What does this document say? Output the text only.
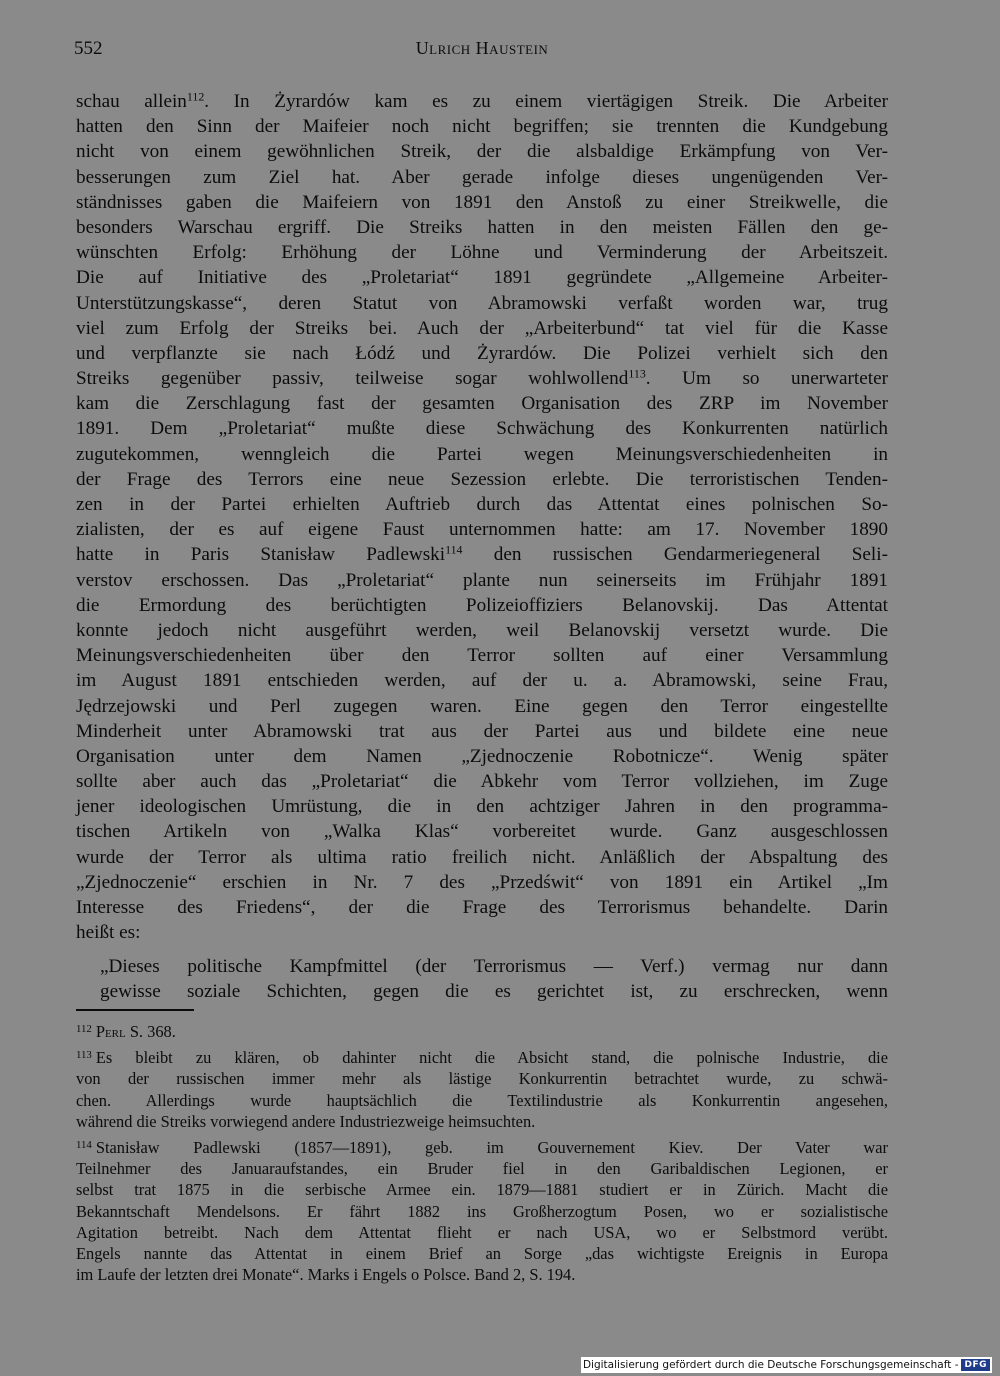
552	Ulrich Haustein
schau allein$^{112}$. In Żyrardów kam es zu einem viertägigen Streik. Die Arbeiter
hatten den Sinn der Maifeier noch nicht begriffen; sie trennten die Kundgebung
nicht von einem gewöhnlichen Streik, der die alsbaldige Erkämpfung von Ver-
besserungen zum Ziel hat. Aber gerade infolge dieses ungenügenden Ver-
ständnisses gaben die Maifeiern von 1891 den Anstoß zu einer Streikwelle, die
besonders Warschau ergriff. Die Streiks hatten in den meisten Fällen den ge-
wünschten Erfolg: Erhöhung der Löhne und Verminderung der Arbeitszeit.
Die auf Initiative des „Proletariat“ 1891 gegründete „Allgemeine Arbeiter-
Unterstützungskasse“, deren Statut von Abramowski verfaßt worden war, trug
viel zum Erfolg der Streiks bei. Auch der „Arbeiterbund“ tat viel für die Kasse
und verpflanzte sie nach Łódź und Żyrardów. Die Polizei verhielt sich den
Streiks gegenüber passiv, teilweise sogar wohlwollend$^{113}$. Um so unerwarteter
kam die Zerschlagung fast der gesamten Organisation des ZRP im November
1891. Dem „Proletariat“ mußte diese Schwächung des Konkurrenten natürlich
zugutekommen, wenngleich die Partei wegen Meinungsverschiedenheiten in
der Frage des Terrors eine neue Sezession erlebte. Die terroristischen Tenden-
zen in der Partei erhielten Auftrieb durch das Attentat eines polnischen So-
zialisten, der es auf eigene Faust unternommen hatte: am 17. November 1890
hatte in Paris Stanisław Padlewski$^{114}$ den russischen Gendarmeriegeneral Seli-
verstov erschossen. Das „Proletariat“ plante nun seinerseits im Frühjahr 1891
die Ermordung des berüchtigten Polizeioffiziers Belanovskij. Das Attentat
konnte jedoch nicht ausgeführt werden, weil Belanovskij versetzt wurde. Die
Meinungsverschiedenheiten über den Terror sollten auf einer Versammlung
im August 1891 entschieden werden, auf der u. a. Abramowski, seine Frau,
Jędrzejowski und Perl zugegen waren. Eine gegen den Terror eingestellte
Minderheit unter Abramowski trat aus der Partei aus und bildete eine neue
Organisation unter dem Namen „Zjednoczenie Robotnicze“. Wenig später
sollte aber auch das „Proletariat“ die Abkehr vom Terror vollziehen, im Zuge
jener ideologischen Umrüstung, die in den achtziger Jahren in den programma-
tischen Artikeln von „Walka Klas“ vorbereitet wurde. Ganz ausgeschlossen
wurde der Terror als ultima ratio freilich nicht. Anläßlich der Abspaltung des
„Zjednoczenie“ erschien in Nr. 7 des „Przedświt“ von 1891 ein Artikel „Im
Interesse des Friedens“, der die Frage des Terrorismus behandelte. Darin
heißt es:
„Dieses politische Kampfmittel (der Terrorismus — Verf.) vermag nur dann
gewisse soziale Schichten, gegen die es gerichtet ist, zu erschrecken, wenn
$^{112}$ Perl S. 368.
$^{113}$ Es bleibt zu klären, ob dahinter nicht die Absicht stand, die polnische Industrie, die
von der russischen immer mehr als lästige Konkurrentin betrachtet wurde, zu schwä-
chen. Allerdings wurde hauptsächlich die Textilindustrie als Konkurrentin angesehen,
während die Streiks vorwiegend andere Industriezweige heimsuchten.
$^{114}$ Stanisław Padlewski (1857—1891), geb. im Gouvernement Kiev. Der Vater war
Teilnehmer des Januaraufstandes, ein Bruder fiel in den Garibaldischen Legionen, er
selbst trat 1875 in die serbische Armee ein. 1879—1881 studiert er in Zürich. Macht die
Bekanntschaft Mendelsons. Er fährt 1882 ins Großherzogtum Posen, wo er sozialistische
Agitation betreibt. Nach dem Attentat flieht er nach USA, wo er Selbstmord verübt.
Engels nannte das Attentat in einem Brief an Sorge „das wichtigste Ereignis in Europa
im Laufe der letzten drei Monate“. Marks i Engels o Polsce. Band 2, S. 194.
Digitalisierung gefördert durch die Deutsche Forschungsgemeinschaft - DFG
